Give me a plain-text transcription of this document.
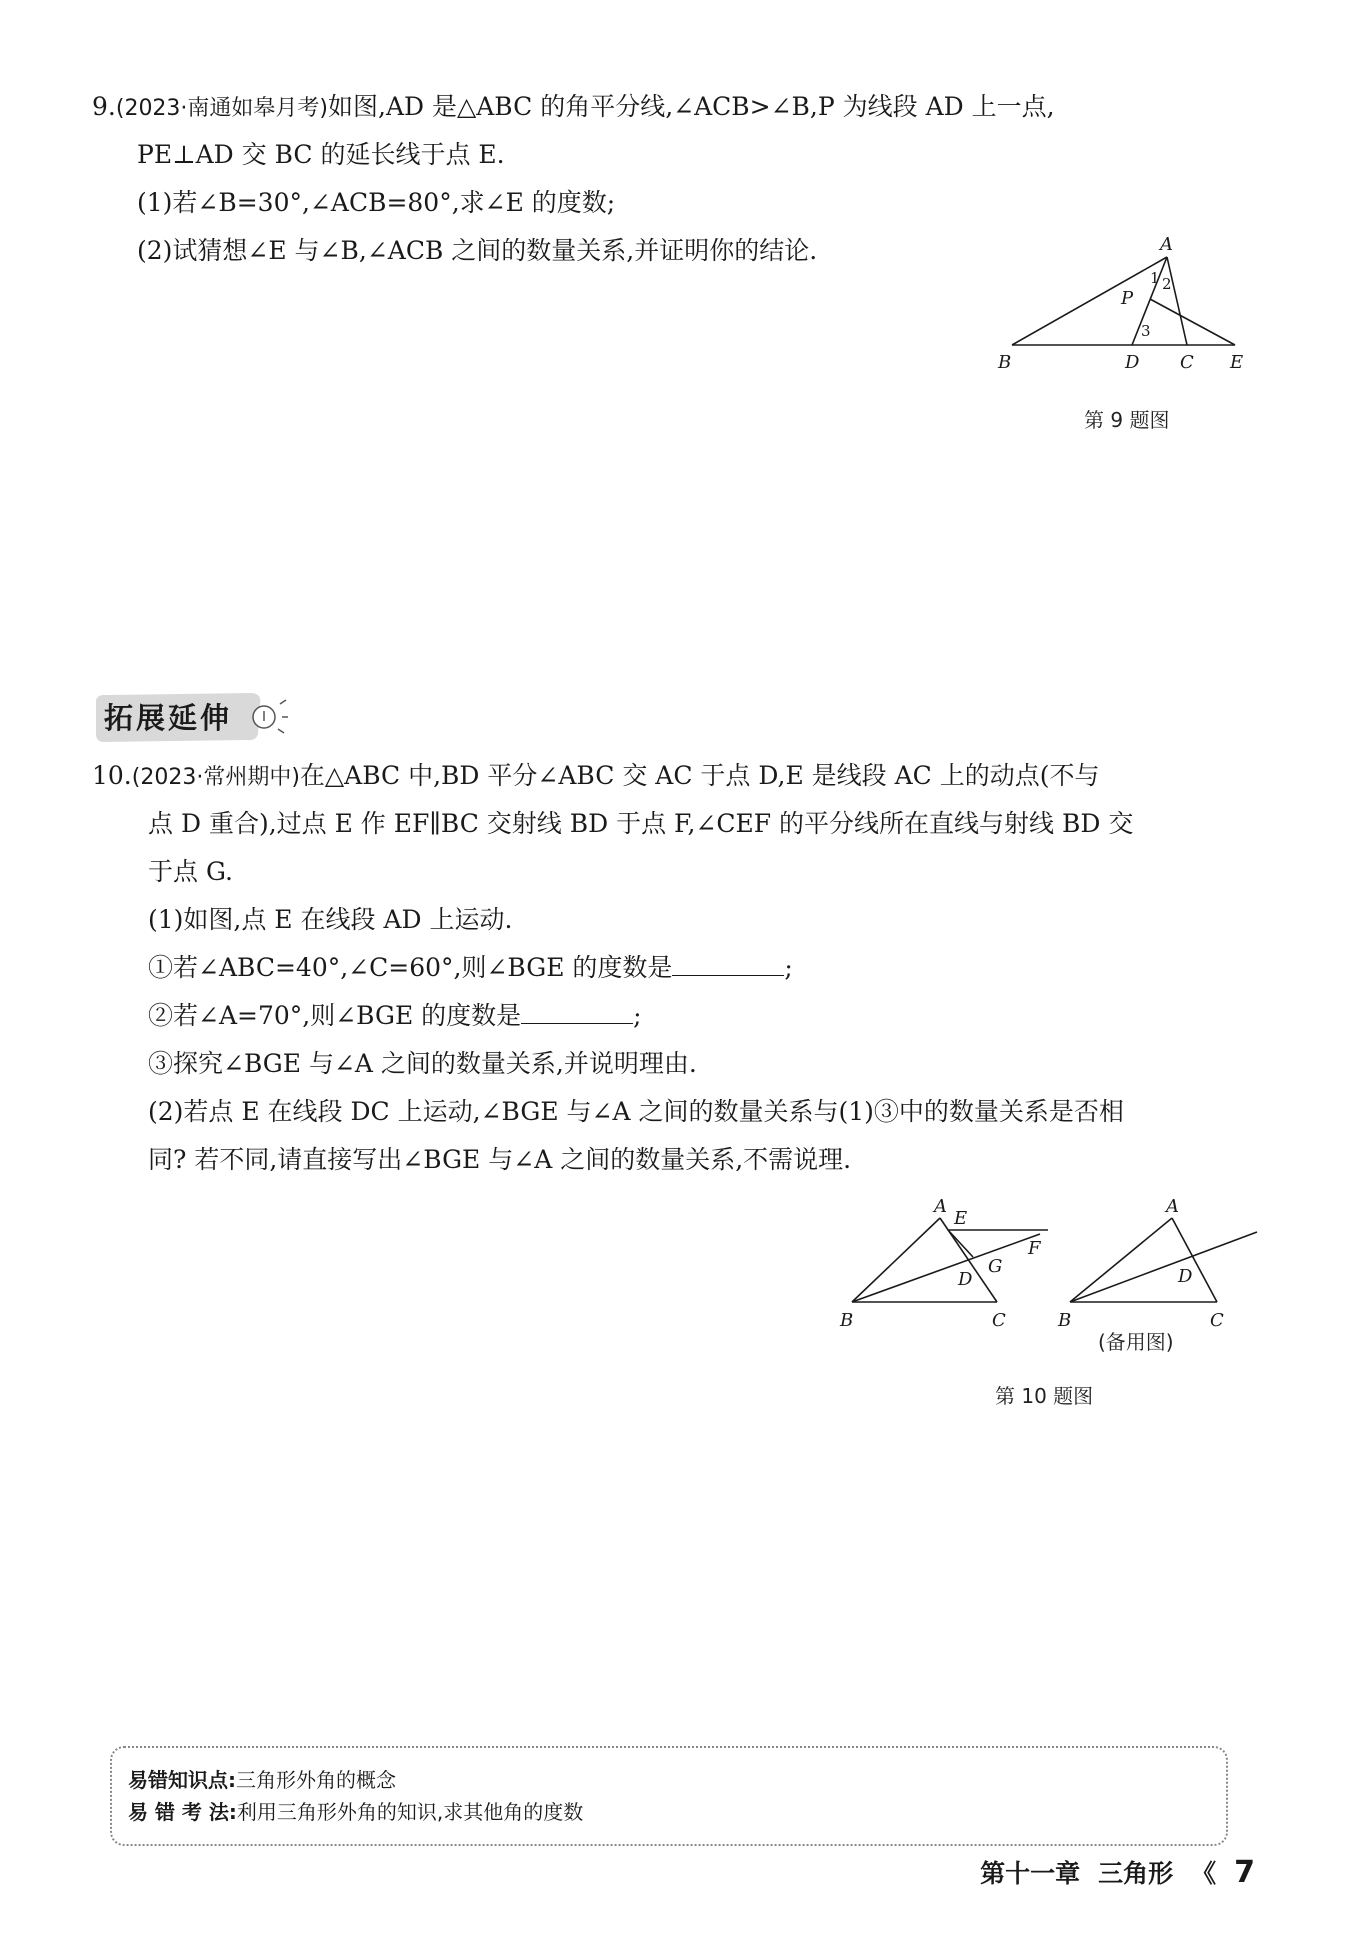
9.(2023·南通如皋月考)如图,AD 是△ABC 的角平分线,∠ACB>∠B,P 为线段 AD 上一点,
PE⊥AD 交 BC 的延长线于点 E.
(1)若∠B=30°,∠ACB=80°,求∠E 的度数;
(2)试猜想∠E 与∠B,∠ACB 之间的数量关系,并证明你的结论.	A
B	D C E
P
1 2
3
第 9 题图
拓展延伸
10.(2023·常州期中)在△ABC 中,BD 平分∠ABC 交 AC 于点 D,E 是线段 AC 上的动点(不与
点 D 重合),过点 E 作 EF∥BC 交射线 BD 于点 F,∠CEF 的平分线所在直线与射线 BD 交
于点 G.
(1)如图,点 E 在线段 AD 上运动.
①若∠ABC=40°,∠C=60°,则∠BGE 的度数是	;
②若∠A=70°,则∠BGE 的度数是	;
③探究∠BGE 与∠A 之间的数量关系,并说明理由.
(2)若点 E 在线段 DC 上运动,∠BGE 与∠A 之间的数量关系与(1)③中的数量关系是否相
同? 若不同,请直接写出∠BGE 与∠A 之间的数量关系,不需说理.
A
E
F
G
D
B	C
A
D
B	C
(备用图)
第 10 题图
易错知识点:三角形外角的概念
易 错 考 法:利用三角形外角的知识,求其他角的度数
第十一章 三角形 《 7
